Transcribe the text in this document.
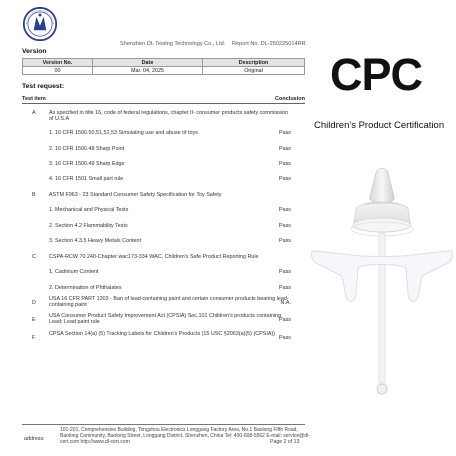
Shenzhen DL Testing Technology Co., Ltd. Report No. DL-250225014RR
Version
Version No.	Date	Description
00	Mar. 04, 2025	Original
Test request:
Test item	Conclusion
A As specified in title 16, code of federal regulations, chapter II- consumer products safety commission of U.S.A
1. 16 CFR 1500.50,51,52,53 Simulating use and abuse of toys	Pass
2. 16 CFR 1500.48 Sharp Point	Pass
3. 16 CFR 1500.49 Sharp Edge	Pass
4. 16 CFR 1501 Small part rule	Pass
B ASTM F963 - 23 Standard Consumer Safety Specification for Toy Safety
1. Mechanical and Physical Tests	Pass
2. Section 4.2 Flammability Tests	Pass
3. Section 4.3.5 Heavy Metals Content	Pass
C CSPA-RCW 70.240-Chapter wac173-334 WAC, Children's Safe Product Reporting Rule
1. Cadmium Content	Pass
2. Determination of Phthalates	Pass
D
USA 16 CFR PART 1303 - Ban of lead-containing paint and certain consumer products bearing lead-containing paint	N.A.
E
USA Consumer Product Safety Improvement Act (CPSIA) Sec.101 Children's products containing Lead; Lead paint rule	Pass
F
CPSA Section 14(a) (5) Tracking Labels for Children's Products (15 USC §2063(a)(5) (CPSIA))
Pass
address:
101-201, Comprehensive Building, Tongzhou Electronics Longgang Factory Area, No.1 Baolong Fifth Road, Baolong Community, Baolong Street, Longgang District, Shenzhen, China Tel: 400-608-5562 E-mail: service@dl-cert.com http://www.dl-cert.com	Page 2 of 13
CPC
Children's Product Certification
